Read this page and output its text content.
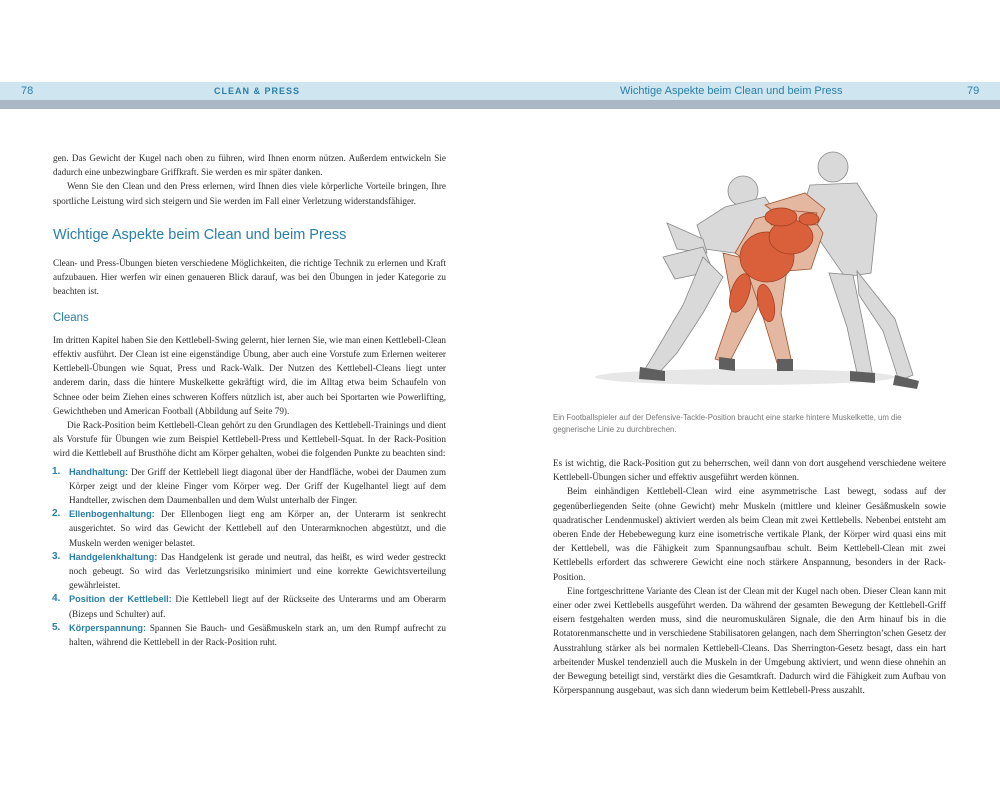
78	CLEAN & PRESS	Wichtige Aspekte beim Clean und beim Press	79

gen. Das Gewicht der Kugel nach oben zu führen, wird Ihnen enorm nützen. Außerdem entwickeln Sie dadurch eine unbezwingbare Griffkraft. Sie werden es mir später danken.

Wenn Sie den Clean und den Press erlernen, wird Ihnen dies viele körperliche Vorteile bringen, Ihre sportliche Leistung wird sich steigern und Sie werden im Fall einer Verletzung widerstandsfähiger.

Wichtige Aspekte beim Clean und beim Press

Clean- und Press-Übungen bieten verschiedene Möglichkeiten, die richtige Technik zu erlernen und Kraft aufzubauen. Hier werfen wir einen genaueren Blick darauf, was bei den Übungen in jeder Kategorie zu beachten ist.

Cleans

Im dritten Kapitel haben Sie den Kettlebell-Swing gelernt, hier lernen Sie, wie man einen Kettlebell-Clean effektiv ausführt. Der Clean ist eine eigenständige Übung, aber auch eine Vorstufe zum Erlernen weiterer Kettlebell-Übungen wie Squat, Press und Rack-Walk. Der Nutzen des Kettlebell-Cleans liegt unter anderem darin, dass die hintere Muskelkette gekräftigt wird, die im Alltag etwa beim Schaufeln von Schnee oder beim Ziehen eines schweren Koffers nützlich ist, aber auch bei Sportarten wie Powerlifting, Gewichtheben und American Football (Abbildung auf Seite 79).

Die Rack-Position beim Kettlebell-Clean gehört zu den Grundlagen des Kettlebell-Trainings und dient als Vorstufe für Übungen wie zum Beispiel Kettlebell-Press und Kettlebell-Squat. In der Rack-Position wird die Kettlebell auf Brusthöhe dicht am Körper gehalten, wobei die folgenden Punkte zu beachten sind:

1. Handhaltung: Der Griff der Kettlebell liegt diagonal über der Handfläche, wobei der Daumen zum Körper zeigt und der kleine Finger vom Körper weg. Der Griff der Kugelhantel liegt auf dem Handteller, zwischen dem Daumenballen und dem Wulst unterhalb der Finger.
2. Ellenbogenhaltung: Der Ellenbogen liegt eng am Körper an, der Unterarm ist senkrecht ausgerichtet. So wird das Gewicht der Kettlebell auf den Unterarmknochen abgestützt, und die Muskeln werden weniger belastet.
3. Handgelenkhaltung: Das Handgelenk ist gerade und neutral, das heißt, es wird weder gestreckt noch gebeugt. So wird das Verletzungsrisiko minimiert und eine korrekte Gewichtsverteilung gewährleistet.
4. Position der Kettlebell: Die Kettlebell liegt auf der Rückseite des Unterarms und am Oberarm (Bizeps und Schulter) auf.
5. Körperspannung: Spannen Sie Bauch- und Gesäßmuskeln stark an, um den Rumpf aufrecht zu halten, während die Kettlebell in der Rack-Position ruht.
Ein Footballspieler auf der Defensive-Tackle-Position braucht eine starke hintere Muskelkette, um die gegnerische Linie zu durchbrechen.

Es ist wichtig, die Rack-Position gut zu beherrschen, weil dann von dort ausgehend verschiedene weitere Kettlebell-Übungen sicher und effektiv ausgeführt werden können.

Beim einhändigen Kettlebell-Clean wird eine asymmetrische Last bewegt, sodass auf der gegenüberliegenden Seite (ohne Gewicht) mehr Muskeln (mittlere und kleiner Gesäßmuskeln sowie quadratischer Lendenmuskel) aktiviert werden als beim Clean mit zwei Kettlebells. Nebenbei entsteht am oberen Ende der Hebebewegung kurz eine isometrische vertikale Plank, der Körper wird quasi eins mit der Kettlebell, was die Fähigkeit zum Spannungsaufbau schult. Beim Kettlebell-Clean mit zwei Kettlebells erfordert das schwerere Gewicht eine noch stärkere Anspannung, besonders in der Rack-Position.

Eine fortgeschrittene Variante des Clean ist der Clean mit der Kugel nach oben. Dieser Clean kann mit einer oder zwei Kettlebells ausgeführt werden. Da während der gesamten Bewegung der Kettlebell-Griff eisern festgehalten werden muss, sind die neuromuskulären Signale, die den Arm hinauf bis in die Rotatorenmanschette und in verschiedene Stabilisatoren gelangen, nach dem Sherrington’schen Gesetz der Ausstrahlung stärker als bei normalen Kettlebell-Cleans. Das Sherrington-Gesetz besagt, dass ein hart arbeitender Muskel tendenziell auch die Muskeln in der Umgebung aktiviert, und wenn diese ohnehin an der Bewegung beteiligt sind, verstärkt dies die Gesamtkraft. Dadurch wird die Fähigkeit zum Aufbau von Körperspannung ausgebaut, was sich dann wiederum beim Kettlebell-Press auszahlt.
